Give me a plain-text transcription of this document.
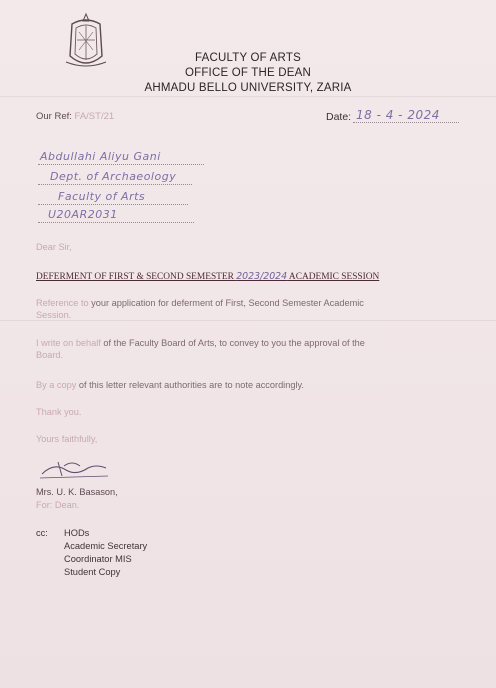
FACULTY OF ARTS
OFFICE OF THE DEAN
AHMADU BELLO UNIVERSITY, ZARIA
Our Ref: FA/ST/21	Date: 18 - 4 - 2024
Abdullahi Aliyu Gani
Dept. of Archaeology
Faculty of Arts
U20AR2031
Dear Sir,
DEFERMENT OF FIRST & SECOND SEMESTER 2023/2024 ACADEMIC SESSION
Reference to your application for deferment of First, Second Semester Academic
Session.
I write on behalf of the Faculty Board of Arts, to convey to you the approval of the
Board.
By a copy of this letter relevant authorities are to note accordingly.
Thank you.
Yours faithfully,
Mrs. U. K. Basason,
For: Dean.
cc: HODs
Academic Secretary
Coordinator MIS
Student Copy
